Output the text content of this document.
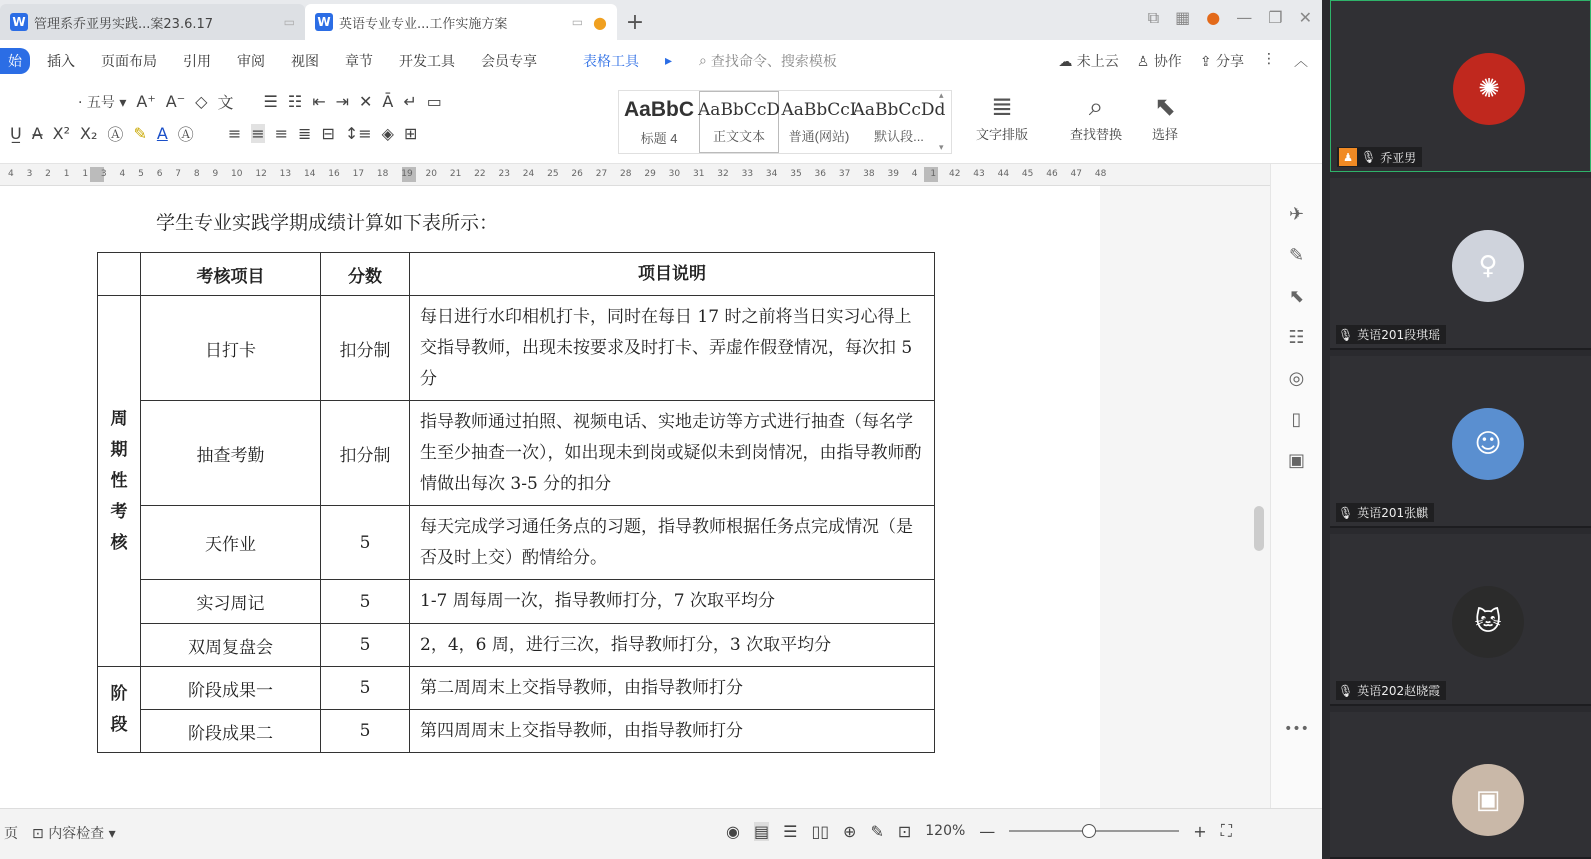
W 管理系乔亚男实践...案23.6.17	▭ W 英语专业专业...工作实施方案	▭ ● +	⧉ ▦ ● — ❐ ✕
始	插入	页面布局	引用	审阅	视图	章节	开发工具	会员专享	表格工具	▸	⌕ 查找命令、搜索模板	☁ 未上云 ♙ 协作 ⇪ 分享 ⋮ ︿
· 五号 ▾ A⁺ A⁻ ◇ 文 ☰ ☷ ⇤ ⇥ ✕ Ā ↵ ▭
U̲ A̶ X² X₂ Ⓐ ✎ A Ⓐ ≡ ≡ ≡ ≣ ⊟ ↕≡ ◈ ⊞
AaBbC
标题 4
AaBbCcD
正文文本
AaBbCcI
普通(网站)
AaBbCcDd
默认段...
▴
▾
≣
文字排版
⌕
查找替换
⬉
选择
4 3 2 1 1 3 4 5 6 7 8 9 10 12 13 14 16 17 18 19 20 21 22 23 24 25 26 27 28 29 30 31 32 33 34 35 36 37 38 39 4 1 42 43 44 45 46 47 48
学生专业实践学期成绩计算如下表所示：
	考核项目	分数	项目说明
周
期
性
考
核	日打卡	扣分制	每日进行水印相机打卡，同时在每日 17 时之前将当日实习心得上交指导教师，出现未按要求及时打卡、弄虚作假登情况，每次扣 5 分
	抽查考勤	扣分制	指导教师通过拍照、视频电话、实地走访等方式进行抽查（每名学生至少抽查一次），如出现未到岗或疑似未到岗情况，由指导教师酌情做出每次 3-5 分的扣分
	天作业	5	每天完成学习通任务点的习题，指导教师根据任务点完成情况（是否及时上交）酌情给分。
	实习周记	5	1-7 周每周一次，指导教师打分，7 次取平均分
	双周复盘会	5	2，4，6 周，进行三次，指导教师打分，3 次取平均分
阶
段	阶段成果一	5	第二周周末上交指导教师，由指导教师打分
	阶段成果二	5	第四周周末上交指导教师，由指导教师打分
✈
✎
⬉
☷
◎
▯
▣
•••
页 ⊡ 内容检查 ▾	◉ ▤ ☰ ▯▯ ⊕ ✎ ⊡ 120% —	+ ⛶
✺
♟ 🎙 乔亚男
♀
🎙 英语201段琪瑶
☺
🎙 英语201张麒
🐱
🎙 英语202赵晓霞
▣
